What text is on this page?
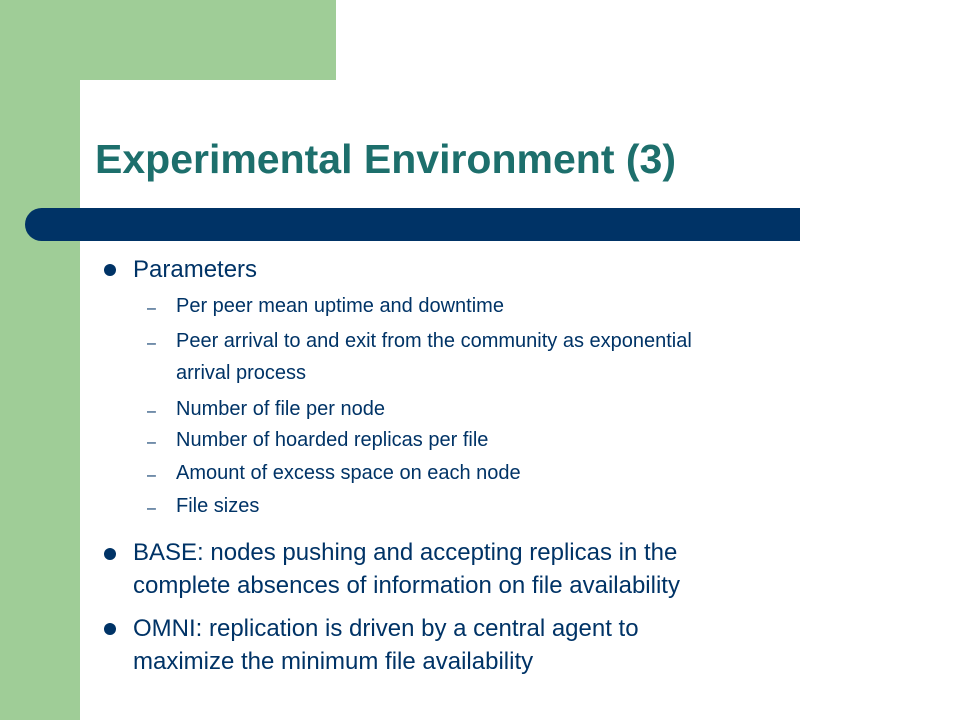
Experimental Environment (3)
Parameters
– Per peer mean uptime and downtime
– Peer arrival to and exit from the community as exponential
arrival process
– Number of file per node
– Number of hoarded replicas per file
– Amount of excess space on each node
– File sizes
BASE: nodes pushing and accepting replicas in the
complete absences of information on file availability
OMNI: replication is driven by a central agent to
maximize the minimum file availability
